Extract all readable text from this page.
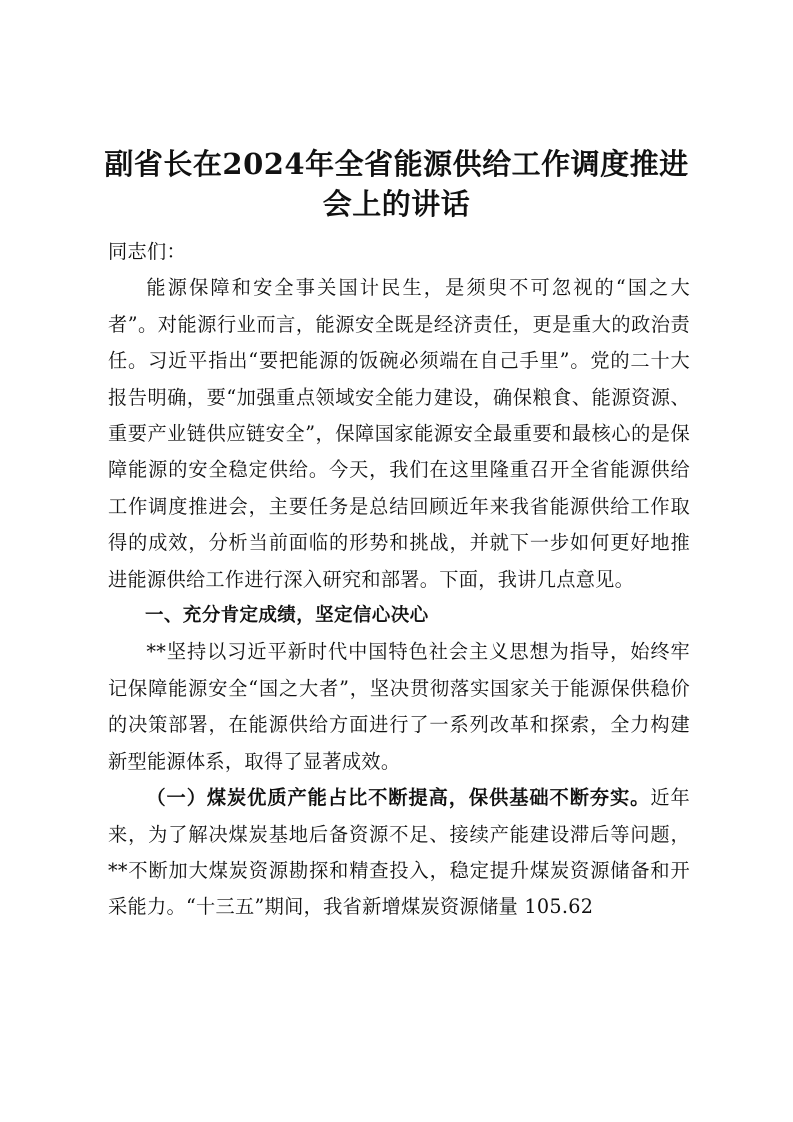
副省长在2024年全省能源供给工作调度推进
会上的讲话

同志们：

能源保障和安全事关国计民生，是须臾不可忽视的“国之大者”。对能源行业而言，能源安全既是经济责任，更是重大的政治责任。习近平指出“要把能源的饭碗必须端在自己手里”。党的二十大报告明确，要“加强重点领域安全能力建设，确保粮食、能源资源、重要产业链供应链安全”，保障国家能源安全最重要和最核心的是保障能源的安全稳定供给。今天，我们在这里隆重召开全省能源供给工作调度推进会，主要任务是总结回顾近年来我省能源供给工作取得的成效，分析当前面临的形势和挑战，并就下一步如何更好地推进能源供给工作进行深入研究和部署。下面，我讲几点意见。

一、充分肯定成绩，坚定信心决心

**坚持以习近平新时代中国特色社会主义思想为指导，始终牢记保障能源安全“国之大者”，坚决贯彻落实国家关于能源保供稳价的决策部署，在能源供给方面进行了一系列改革和探索，全力构建新型能源体系，取得了显著成效。

（一）煤炭优质产能占比不断提高，保供基础不断夯实。近年来，为了解决煤炭基地后备资源不足、接续产能建设滞后等问题，**不断加大煤炭资源勘探和精查投入，稳定提升煤炭资源储备和开采能力。“十三五”期间，我省新增煤炭资源储量 105.62
